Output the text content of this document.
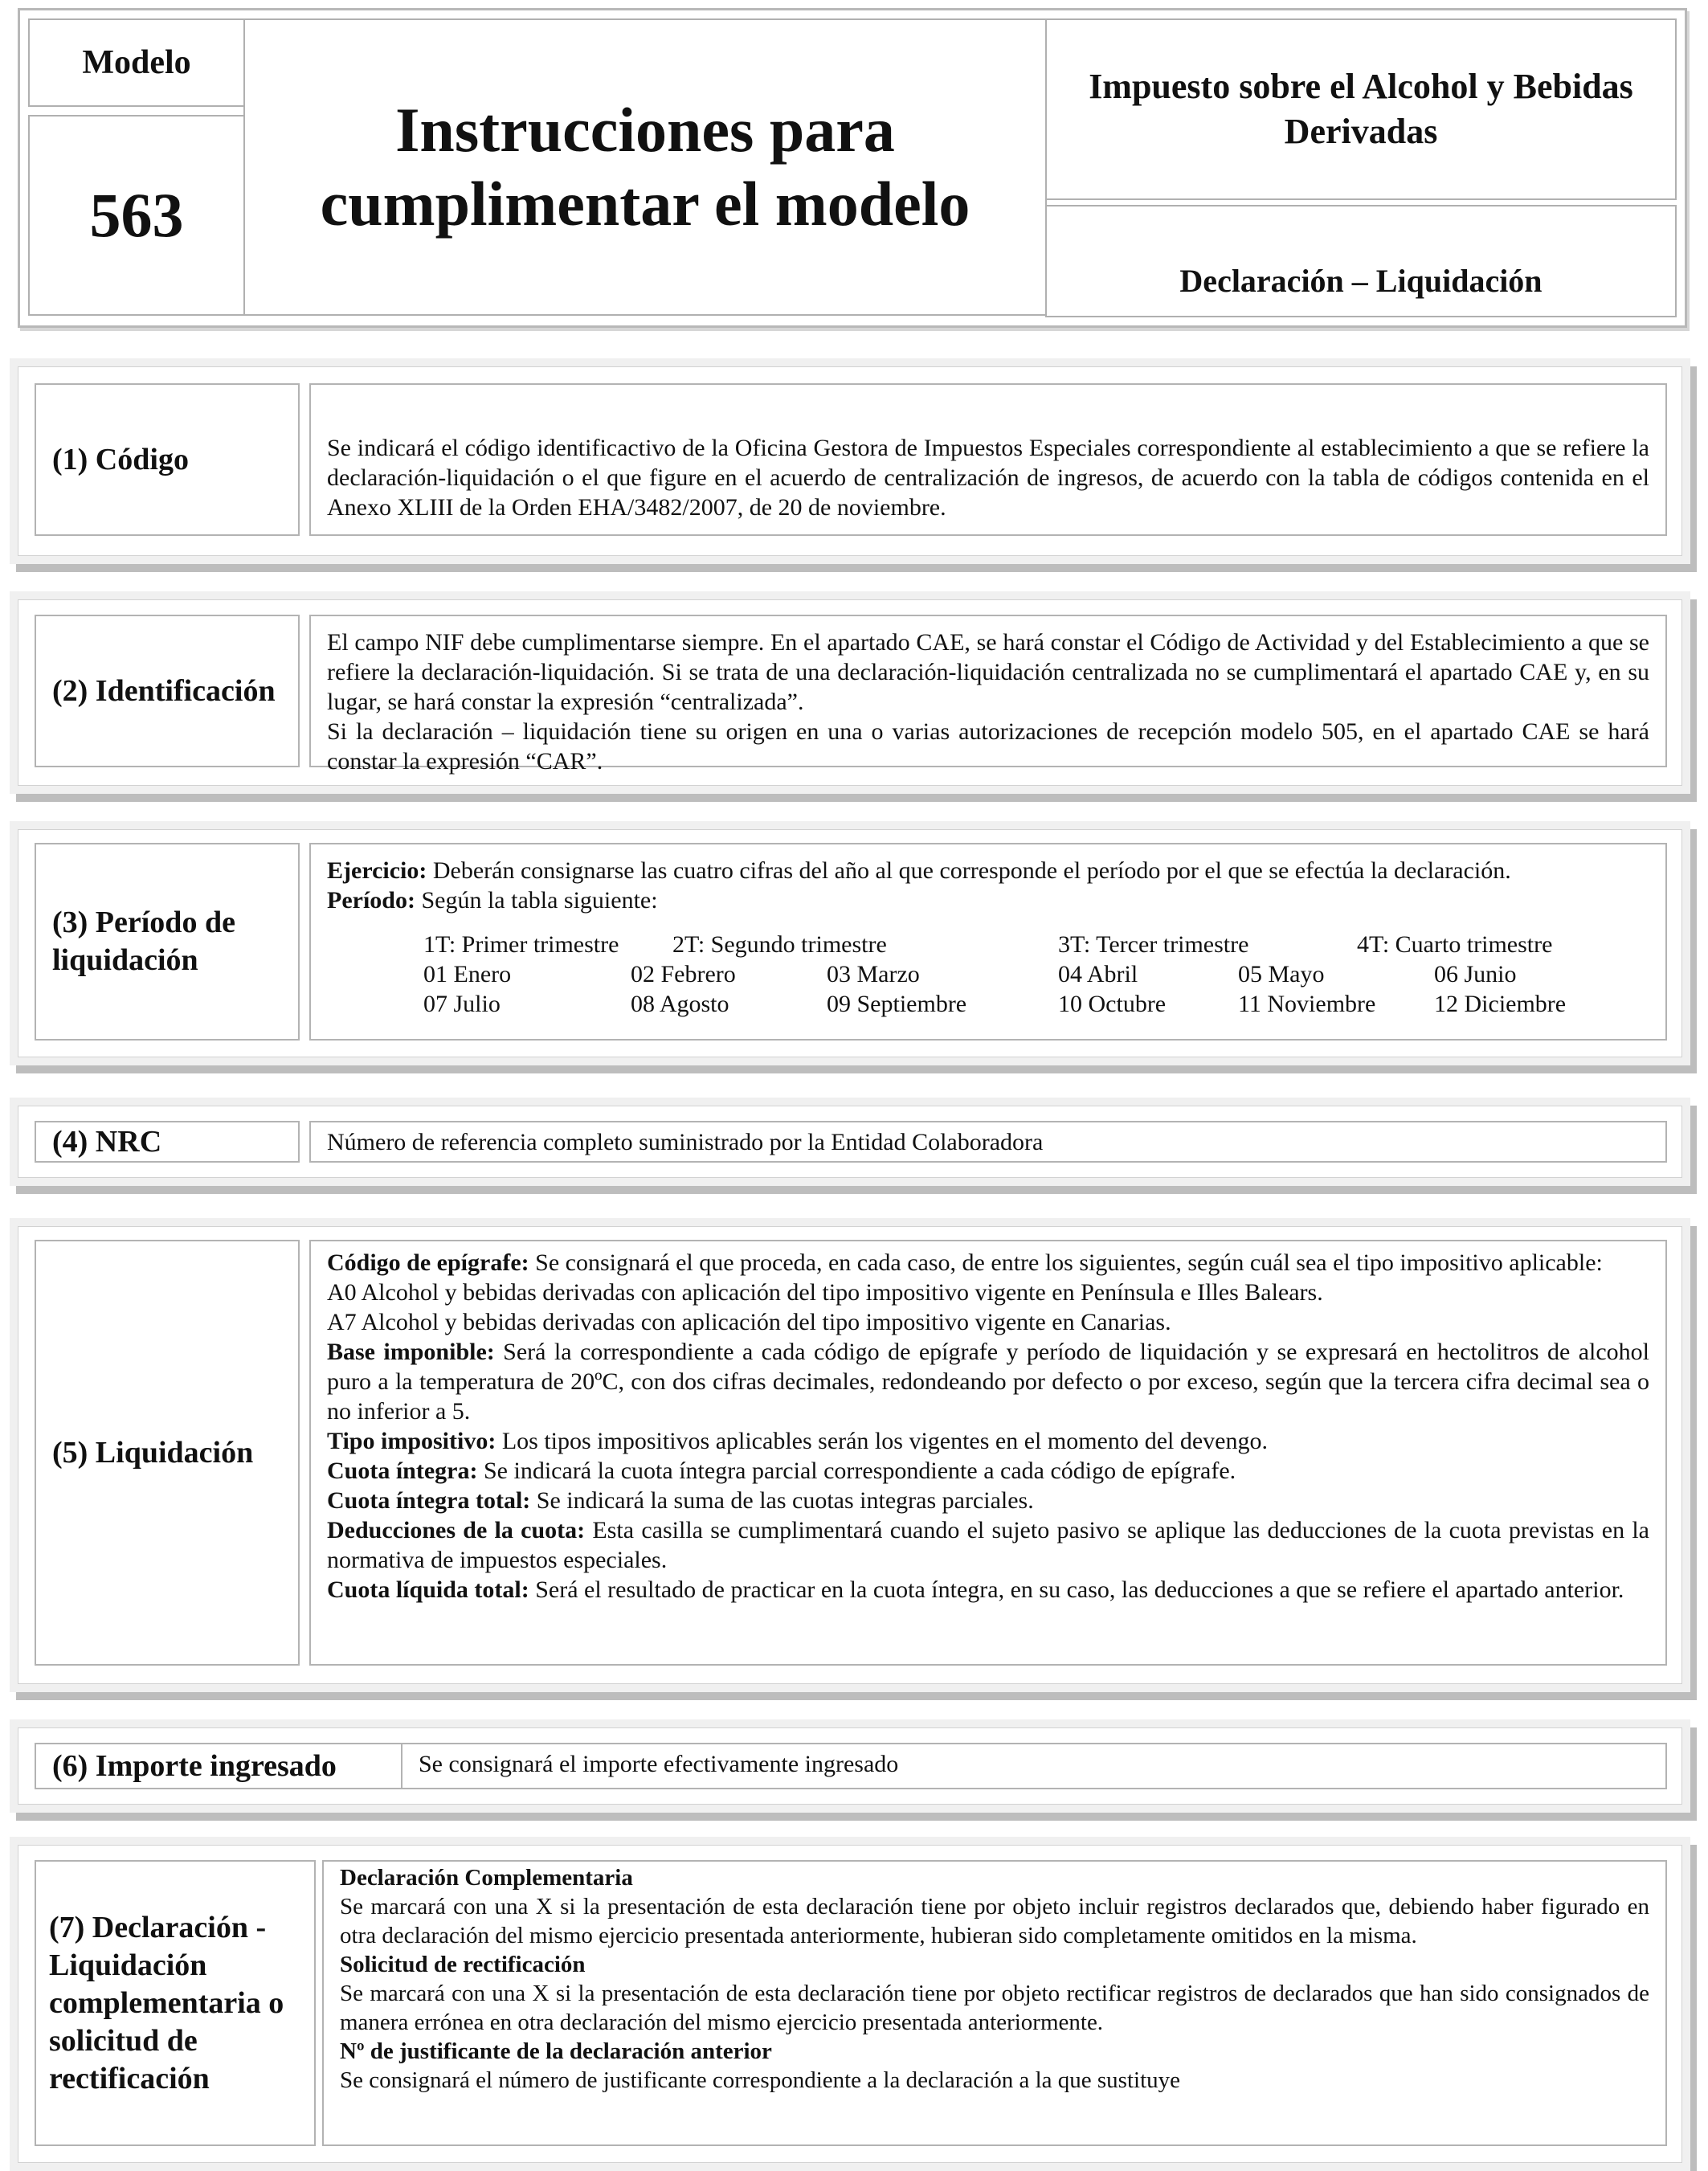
Modelo
563
Instrucciones para cumplimentar el modelo
Impuesto sobre el Alcohol y Bebidas Derivadas
Declaración – Liquidación
(1) Código	Se indicará el código identificactivo de la Oficina Gestora de Impuestos Especiales correspondiente al establecimiento a que se refiere la declaración-liquidación o el que figure en el acuerdo de centralización de ingresos, de acuerdo con la tabla de códigos contenida en el Anexo XLIII de la Orden EHA/3482/2007, de 20 de noviembre.
(2) Identificación

El campo NIF debe cumplimentarse siempre. En el apartado CAE, se hará constar el Código de Actividad y del Establecimiento a que se refiere la declaración-liquidación. Si se trata de una declaración-liquidación centralizada no se cumplimentará el apartado CAE y, en su lugar, se hará constar la expresión “centralizada”.

Si la declaración – liquidación tiene su origen en una o varias autorizaciones de recepción modelo 505, en el apartado CAE se hará constar la expresión “CAR”.

(3) Período de liquidación

Ejercicio: Deberán consignarse las cuatro cifras del año al que corresponde el período por el que se efectúa la declaración.

Período: Según la tabla siguiente:

1T: Primer trimestre	2T: Segundo trimestre	3T: Tercer trimestre	4T: Cuarto trimestre
01 Enero	02 Febrero	03 Marzo	04 Abril	05 Mayo	06 Junio
07 Julio	08 Agosto	09 Septiembre	10 Octubre	11 Noviembre	12 Diciembre
(4) NRC	Número de referencia completo suministrado por la Entidad Colaboradora
(5) Liquidación

Código de epígrafe: Se consignará el que proceda, en cada caso, de entre los siguientes, según cuál sea el tipo impositivo aplicable:

A0 Alcohol y bebidas derivadas con aplicación del tipo impositivo vigente en Península e Illes Balears.

A7 Alcohol y bebidas derivadas con aplicación del tipo impositivo vigente en Canarias.

Base imponible: Será la correspondiente a cada código de epígrafe y período de liquidación y se expresará en hectolitros de alcohol puro a la temperatura de 20ºC, con dos cifras decimales, redondeando por defecto o por exceso, según que la tercera cifra decimal sea o no inferior a 5.

Tipo impositivo: Los tipos impositivos aplicables serán los vigentes en el momento del devengo.

Cuota íntegra: Se indicará la cuota íntegra parcial correspondiente a cada código de epígrafe.

Cuota íntegra total: Se indicará la suma de las cuotas integras parciales.

Deducciones de la cuota: Esta casilla se cumplimentará cuando el sujeto pasivo se aplique las deducciones de la cuota previstas en la normativa de impuestos especiales.

Cuota líquida total: Será el resultado de practicar en la cuota íntegra, en su caso, las deducciones a que se refiere el apartado anterior.

(6) Importe ingresado	Se consignará el importe efectivamente ingresado
(7) Declaración - Liquidación complementaria o solicitud de rectificación

Declaración Complementaria

Se marcará con una X si la presentación de esta declaración tiene por objeto incluir registros declarados que, debiendo haber figurado en otra declaración del mismo ejercicio presentada anteriormente, hubieran sido completamente omitidos en la misma.

Solicitud de rectificación

Se marcará con una X si la presentación de esta declaración tiene por objeto rectificar registros de declarados que han sido consignados de manera errónea en otra declaración del mismo ejercicio presentada anteriormente.

Nº de justificante de la declaración anterior

Se consignará el número de justificante correspondiente a la declaración a la que sustituye
